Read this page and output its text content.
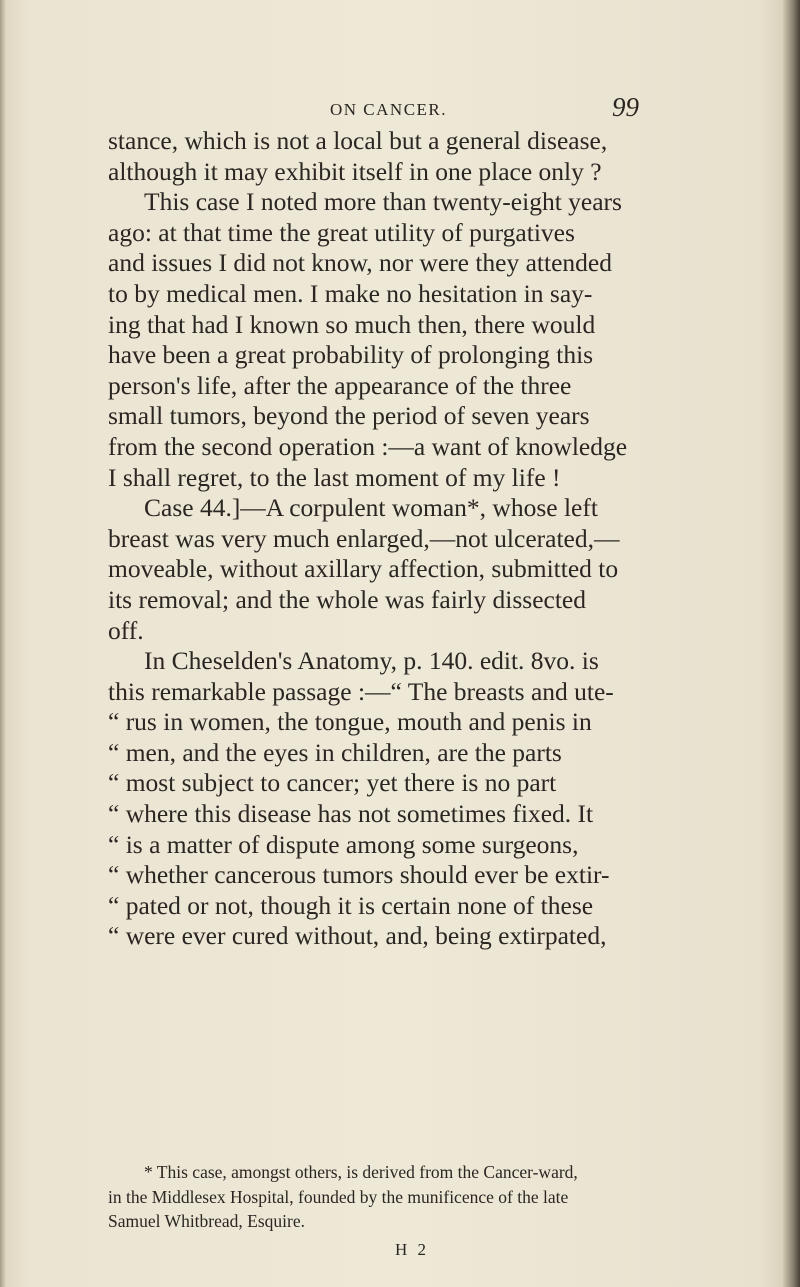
ON CANCER.	99
stance, which is not a local but a general disease,
although it may exhibit itself in one place only ?
This case I noted more than twenty-eight years
ago: at that time the great utility of purgatives
and issues I did not know, nor were they attended
to by medical men. I make no hesitation in say-
ing that had I known so much then, there would
have been a great probability of prolonging this
person's life, after the appearance of the three
small tumors, beyond the period of seven years
from the second operation :—a want of knowledge
I shall regret, to the last moment of my life !
Case 44.]—A corpulent woman*, whose left
breast was very much enlarged,—not ulcerated,—
moveable, without axillary affection, submitted to
its removal; and the whole was fairly dissected
off.
In Cheselden's Anatomy, p. 140. edit. 8vo. is
this remarkable passage :—“ The breasts and ute-
“ rus in women, the tongue, mouth and penis in
“ men, and the eyes in children, are the parts
“ most subject to cancer; yet there is no part
“ where this disease has not sometimes fixed. It
“ is a matter of dispute among some surgeons,
“ whether cancerous tumors should ever be extir-
“ pated or not, though it is certain none of these
“ were ever cured without, and, being extirpated,
* This case, amongst others, is derived from the Cancer-ward,
in the Middlesex Hospital, founded by the munificence of the late
Samuel Whitbread, Esquire.
H 2
